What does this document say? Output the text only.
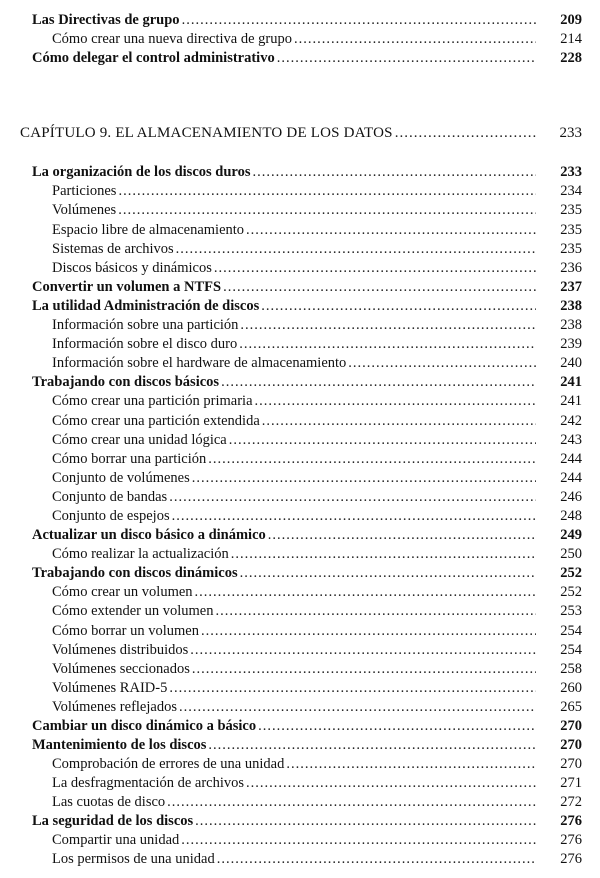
Las Directivas de grupo .....	209
Cómo crear una nueva directiva de grupo .....	214
Cómo delegar el control administrativo .....	228
CAPÍTULO 9. EL ALMACENAMIENTO DE LOS DATOS .....	233
La organización de los discos duros .....	233
Particiones .....	234
Volúmenes .....	235
Espacio libre de almacenamiento .....	235
Sistemas de archivos .....	235
Discos básicos y dinámicos .....	236
Convertir un volumen a NTFS .....	237
La utilidad Administración de discos .....	238
Información sobre una partición .....	238
Información sobre el disco duro .....	239
Información sobre el hardware de almacenamiento .....	240
Trabajando con discos básicos .....	241
Cómo crear una partición primaria .....	241
Cómo crear una partición extendida .....	242
Cómo crear una unidad lógica .....	243
Cómo borrar una partición .....	244
Conjunto de volúmenes .....	244
Conjunto de bandas .....	246
Conjunto de espejos .....	248
Actualizar un disco básico a dinámico .....	249
Cómo realizar la actualización .....	250
Trabajando con discos dinámicos .....	252
Cómo crear un volumen .....	252
Cómo extender un volumen .....	253
Cómo borrar un volumen .....	254
Volúmenes distribuidos .....	254
Volúmenes seccionados .....	258
Volúmenes RAID-5 .....	260
Volúmenes reflejados .....	265
Cambiar un disco dinámico a básico .....	270
Mantenimiento de los discos .....	270
Comprobación de errores de una unidad .....	270
La desfragmentación de archivos .....	271
Las cuotas de disco .....	272
La seguridad de los discos .....	276
Compartir una unidad .....	276
Los permisos de una unidad .....	276
